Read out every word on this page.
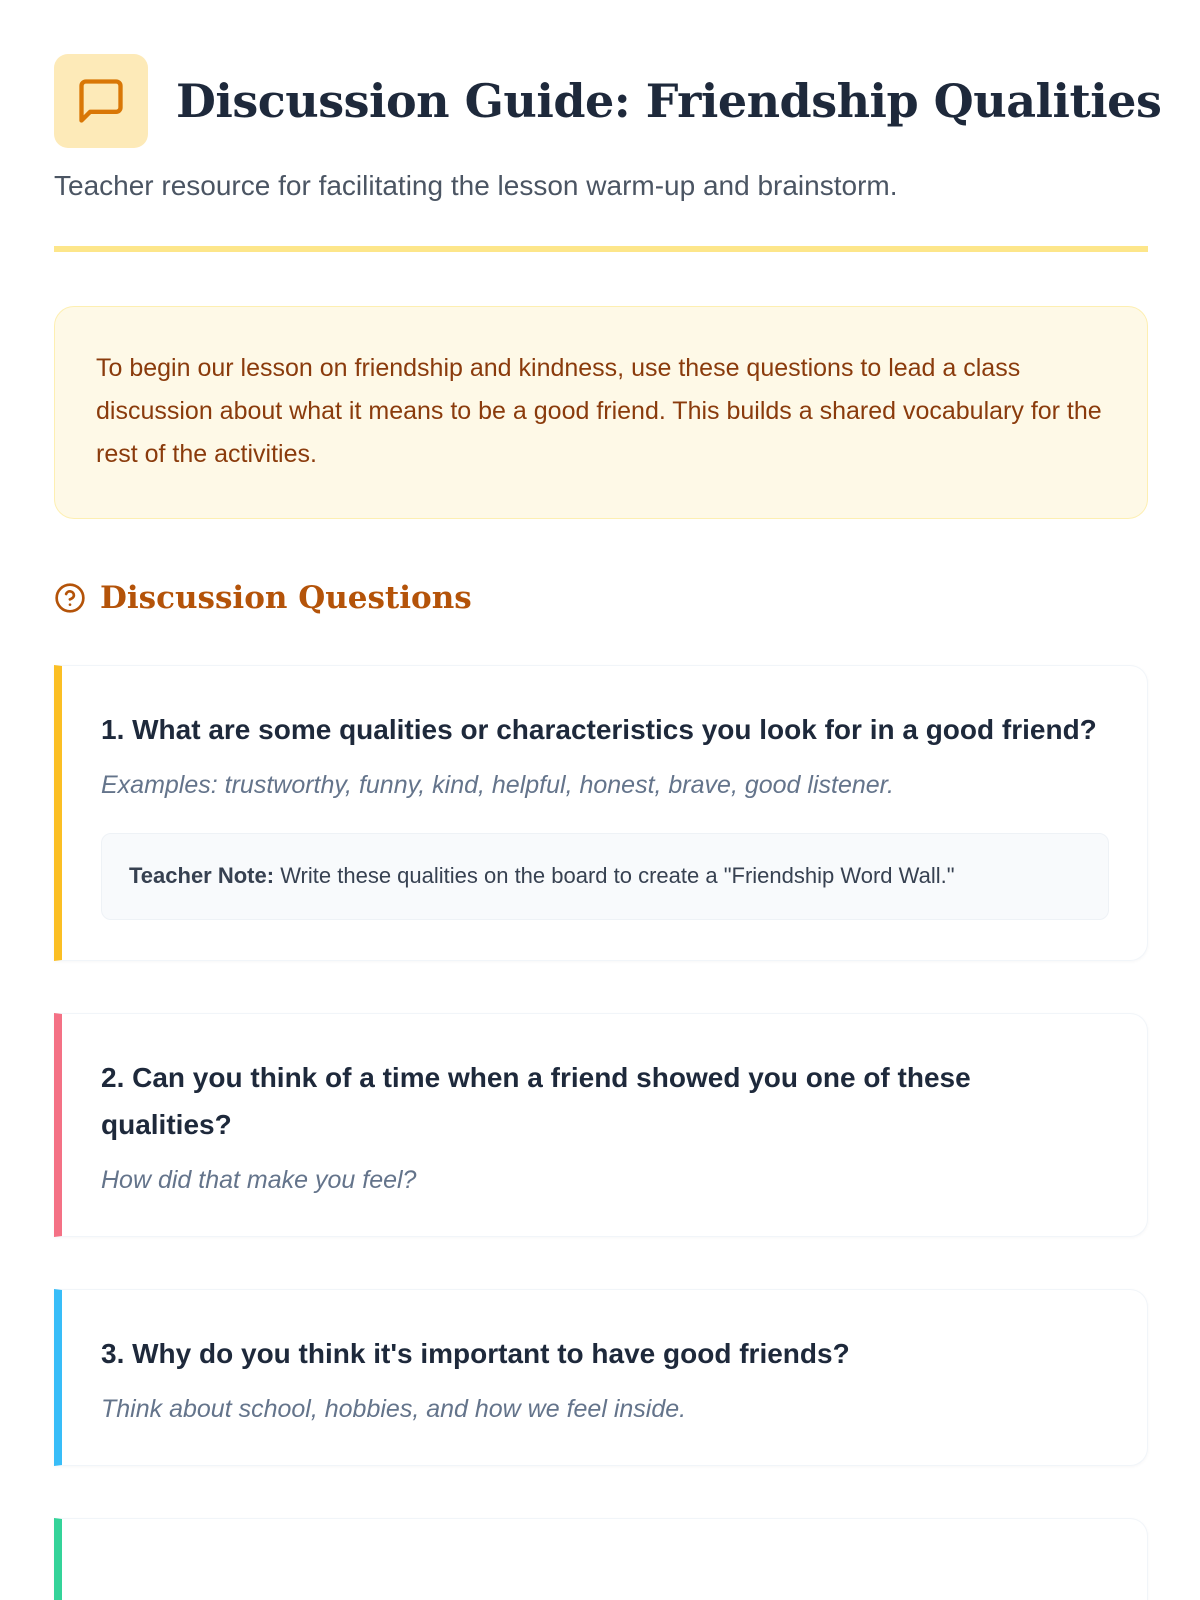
Discussion Guide: Friendship Qualities
Teacher resource for facilitating the lesson warm-up and brainstorm.
To begin our lesson on friendship and kindness, use these questions to lead a class discussion about what it means to be a good friend. This builds a shared vocabulary for the rest of the activities.
Discussion Questions
1. What are some qualities or characteristics you look for in a good friend?
Examples: trustworthy, funny, kind, helpful, honest, brave, good listener.
Teacher Note: Write these qualities on the board to create a "Friendship Word Wall."
2. Can you think of a time when a friend showed you one of these qualities?
How did that make you feel?
3. Why do you think it's important to have good friends?
Think about school, hobbies, and how we feel inside.
